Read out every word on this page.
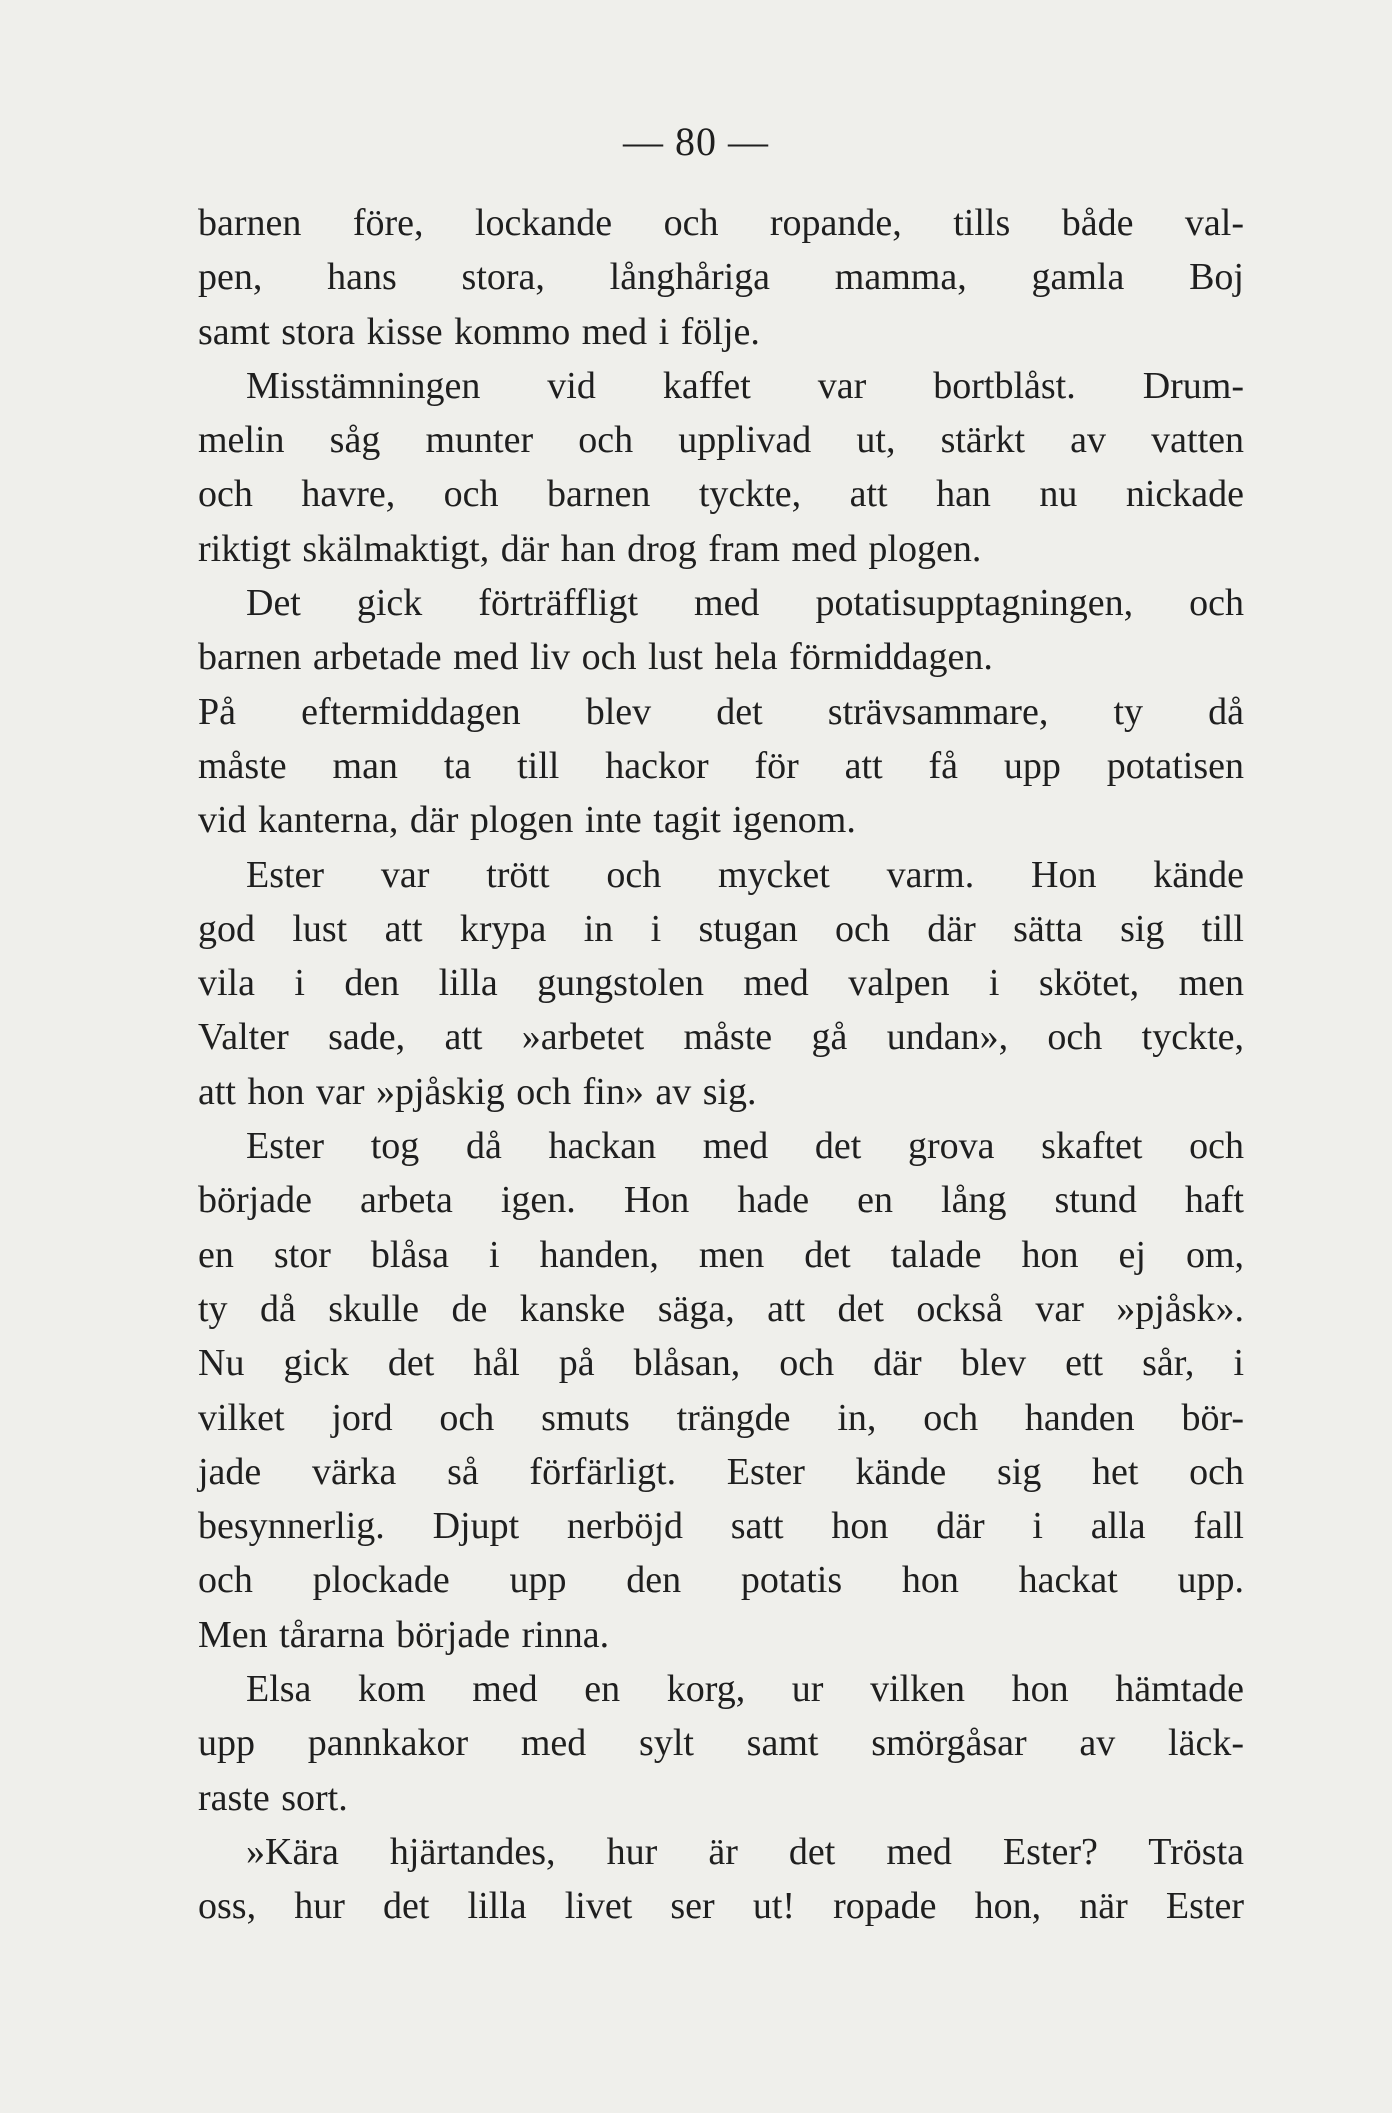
— 80 —
barnen före, lockande och ropande, tills både val-
pen, hans stora, långhåriga mamma, gamla Boj
samt stora kisse kommo med i följe.
Misstämningen vid kaffet var bortblåst. Drum-
melin såg munter och upplivad ut, stärkt av vatten
och havre, och barnen tyckte, att han nu nickade
riktigt skälmaktigt, där han drog fram med plogen.
Det gick förträffligt med potatisupptagningen, och
barnen arbetade med liv och lust hela förmiddagen.
På eftermiddagen blev det strävsammare, ty då
måste man ta till hackor för att få upp potatisen
vid kanterna, där plogen inte tagit igenom.
Ester var trött och mycket varm. Hon kände
god lust att krypa in i stugan och där sätta sig till
vila i den lilla gungstolen med valpen i skötet, men
Valter sade, att »arbetet måste gå undan», och tyckte,
att hon var »pjåskig och fin» av sig.
Ester tog då hackan med det grova skaftet och
började arbeta igen. Hon hade en lång stund haft
en stor blåsa i handen, men det talade hon ej om,
ty då skulle de kanske säga, att det också var »pjåsk».
Nu gick det hål på blåsan, och där blev ett sår, i
vilket jord och smuts trängde in, och handen bör-
jade värka så förfärligt. Ester kände sig het och
besynnerlig. Djupt nerböjd satt hon där i alla fall
och plockade upp den potatis hon hackat upp.
Men tårarna började rinna.
Elsa kom med en korg, ur vilken hon hämtade
upp pannkakor med sylt samt smörgåsar av läck-
raste sort.
»Kära hjärtandes, hur är det med Ester? Trösta
oss, hur det lilla livet ser ut! ropade hon, när Ester
